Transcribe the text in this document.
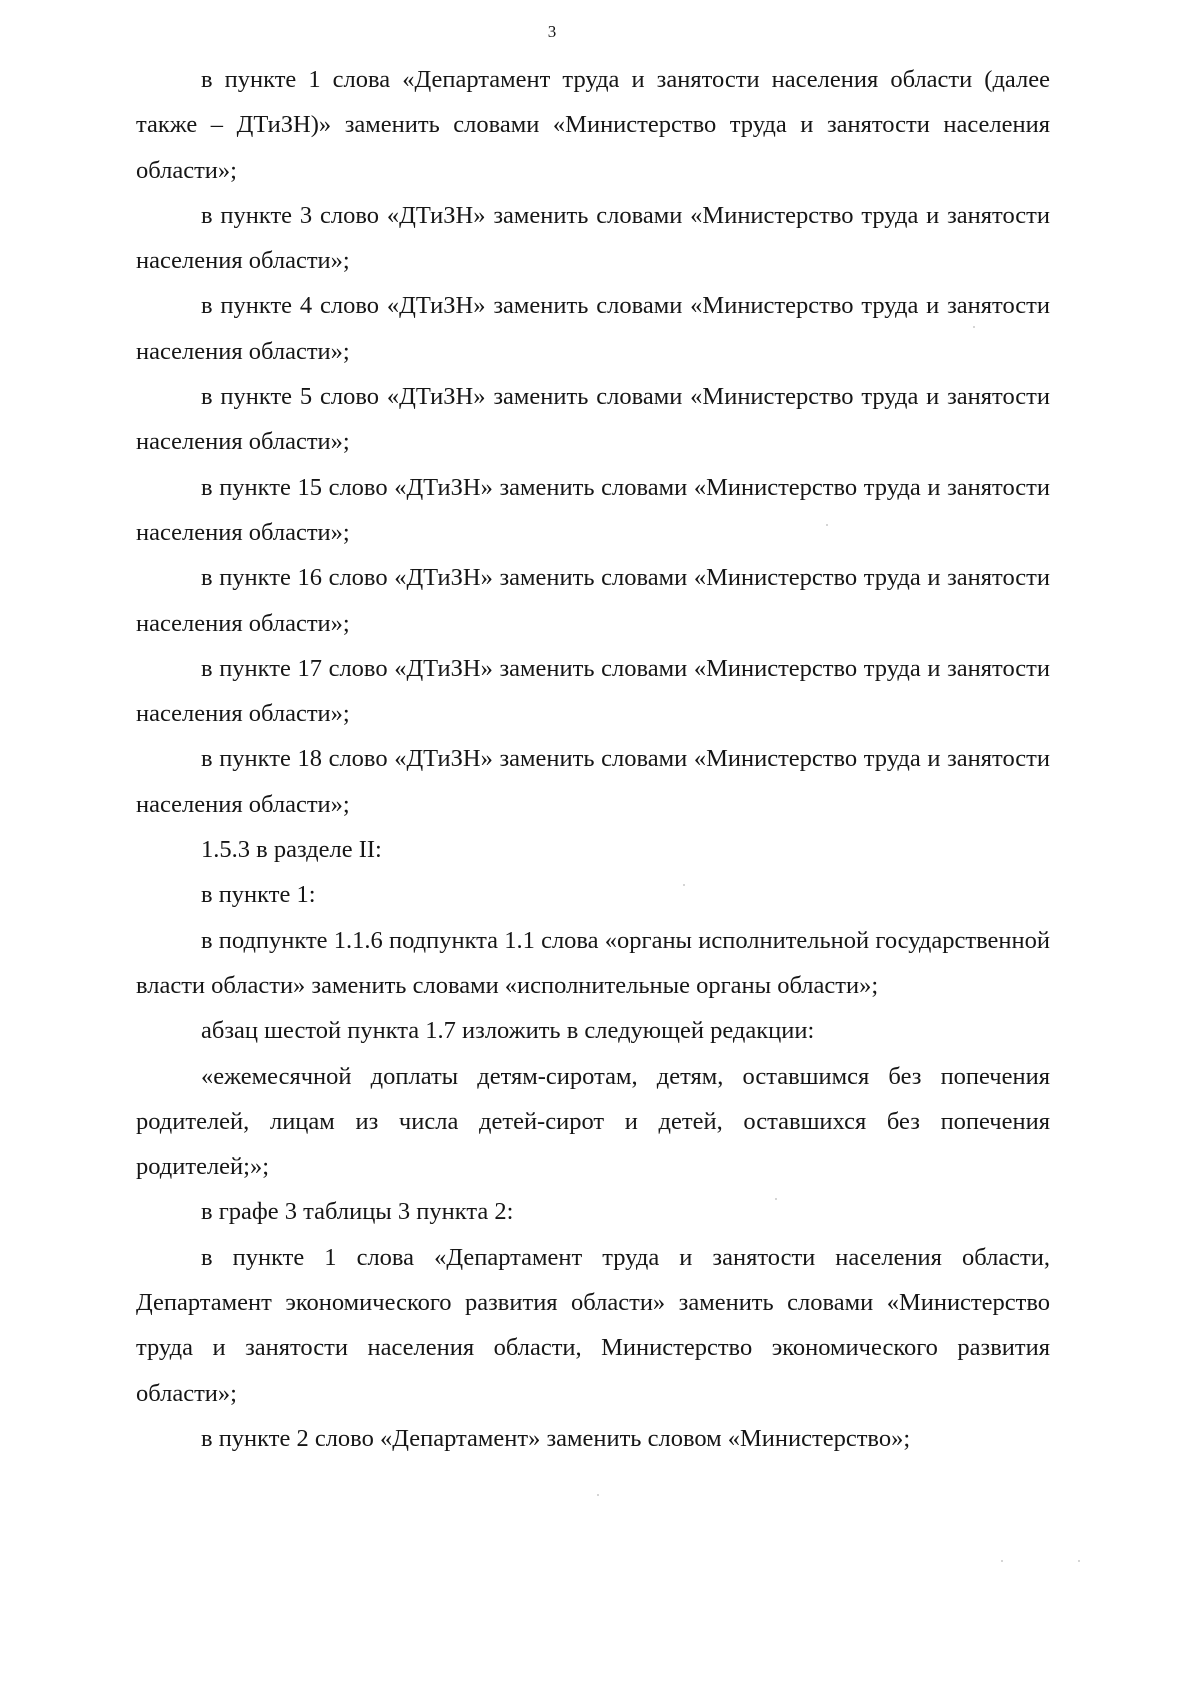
3

в пункте 1 слова «Департамент труда и занятости населения области (далее также – ДТиЗН)» заменить словами «Министерство труда и занятости населения области»;

в пункте 3 слово «ДТиЗН» заменить словами «Министерство труда и занятости населения области»;

в пункте 4 слово «ДТиЗН» заменить словами «Министерство труда и занятости населения области»;

в пункте 5 слово «ДТиЗН» заменить словами «Министерство труда и занятости населения области»;

в пункте 15 слово «ДТиЗН» заменить словами «Министерство труда и занятости населения области»;

в пункте 16 слово «ДТиЗН» заменить словами «Министерство труда и занятости населения области»;

в пункте 17 слово «ДТиЗН» заменить словами «Министерство труда и занятости населения области»;

в пункте 18 слово «ДТиЗН» заменить словами «Министерство труда и занятости населения области»;

1.5.3 в разделе II:

в пункте 1:

в подпункте 1.1.6 подпункта 1.1 слова «органы исполнительной государственной власти области» заменить словами «исполнительные органы области»;

абзац шестой пункта 1.7 изложить в следующей редакции:

«ежемесячной доплаты детям-сиротам, детям, оставшимся без попечения родителей, лицам из числа детей-сирот и детей, оставшихся без попечения родителей;»;

в графе 3 таблицы 3 пункта 2:

в пункте 1 слова «Департамент труда и занятости населения области, Департамент экономического развития области» заменить словами «Министерство труда и занятости населения области, Министерство экономического развития области»;

в пункте 2 слово «Департамент» заменить словом «Министерство»;
